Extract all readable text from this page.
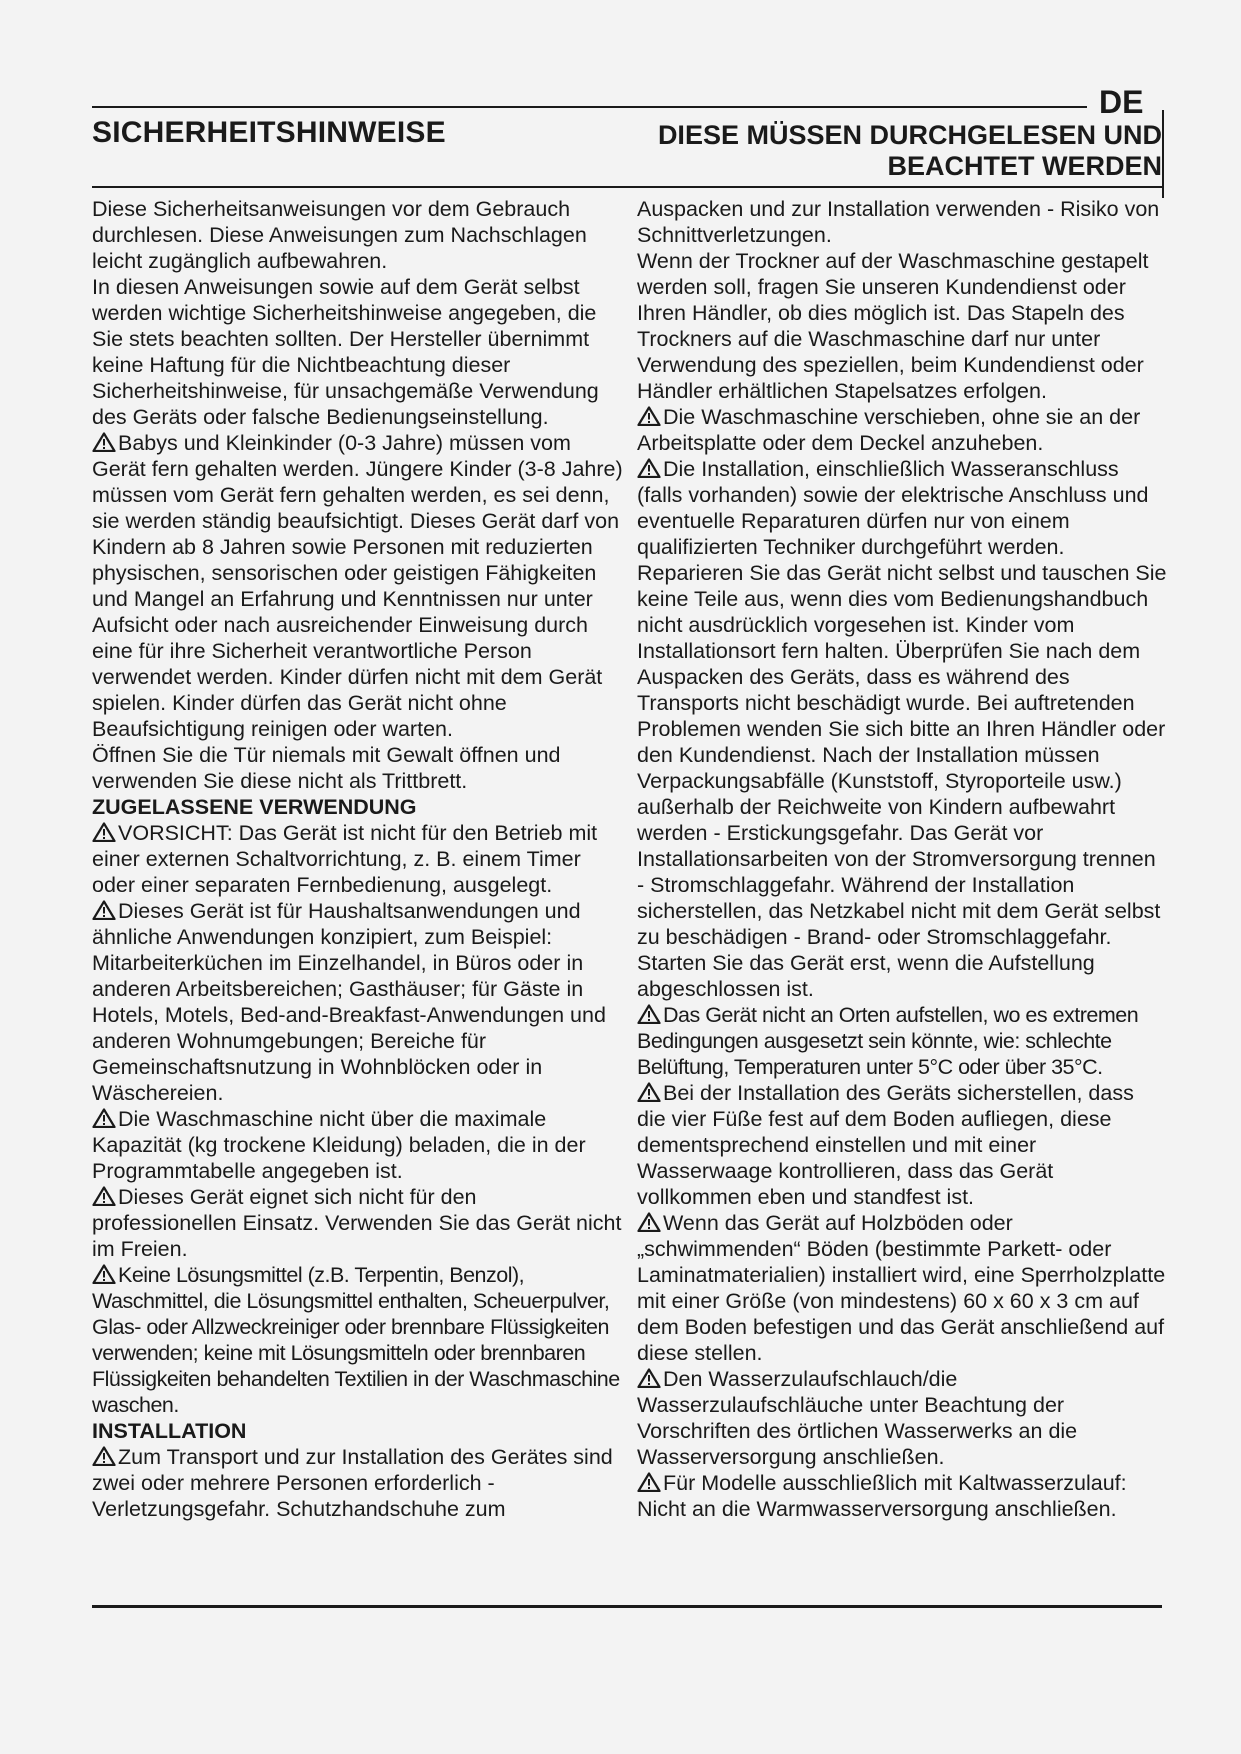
DE
SICHERHEITSHINWEISE	DIESE MÜSSEN DURCHGELESEN UND
BEACHTET WERDEN

Diese Sicherheitsanweisungen vor dem Gebrauch durchlesen. Diese Anweisungen zum Nachschlagen leicht zugänglich aufbewahren.

In diesen Anweisungen sowie auf dem Gerät selbst werden wichtige Sicherheitshinweise angegeben, die Sie stets beachten sollten. Der Hersteller übernimmt keine Haftung für die Nichtbeachtung dieser Sicherheitshinweise, für unsachgemäße Verwendung des Geräts oder falsche Bedienungseinstellung.

Babys und Kleinkinder (0-3 Jahre) müssen vom Gerät fern gehalten werden. Jüngere Kinder (3-8 Jahre) müssen vom Gerät fern gehalten werden, es sei denn, sie werden ständig beaufsichtigt. Dieses Gerät darf von Kindern ab 8 Jahren sowie Personen mit reduzierten physischen, sensorischen oder geistigen Fähigkeiten und Mangel an Erfahrung und Kenntnissen nur unter Aufsicht oder nach ausreichender Einweisung durch eine für ihre Sicherheit verantwortliche Person verwendet werden. Kinder dürfen nicht mit dem Gerät spielen. Kinder dürfen das Gerät nicht ohne Beaufsichtigung reinigen oder warten.

Öffnen Sie die Tür niemals mit Gewalt öffnen und verwenden Sie diese nicht als Trittbrett.

ZUGELASSENE VERWENDUNG

VORSICHT: Das Gerät ist nicht für den Betrieb mit einer externen Schaltvorrichtung, z. B. einem Timer oder einer separaten Fernbedienung, ausgelegt.

Dieses Gerät ist für Haushaltsanwendungen und ähnliche Anwendungen konzipiert, zum Beispiel: Mitarbeiterküchen im Einzelhandel, in Büros oder in anderen Arbeitsbereichen; Gasthäuser; für Gäste in Hotels, Motels, Bed-and-Breakfast-Anwendungen und anderen Wohnumgebungen; Bereiche für Gemeinschaftsnutzung in Wohnblöcken oder in Wäschereien.

Die Waschmaschine nicht über die maximale Kapazität (kg trockene Kleidung) beladen, die in der Programmtabelle angegeben ist.

Dieses Gerät eignet sich nicht für den professionellen Einsatz. Verwenden Sie das Gerät nicht im Freien.

Keine Lösungsmittel (z.B. Terpentin, Benzol), Waschmittel, die Lösungsmittel enthalten, Scheuerpulver, Glas- oder Allzweckreiniger oder brennbare Flüssigkeiten verwenden; keine mit Lösungsmitteln oder brennbaren Flüssigkeiten behandelten Textilien in der Waschmaschine waschen.

INSTALLATION

Zum Transport und zur Installation des Gerätes sind zwei oder mehrere Personen erforderlich - Verletzungsgefahr. Schutzhandschuhe zum

Auspacken und zur Installation verwenden - Risiko von Schnittverletzungen.

Wenn der Trockner auf der Waschmaschine gestapelt werden soll, fragen Sie unseren Kundendienst oder Ihren Händler, ob dies möglich ist. Das Stapeln des Trockners auf die Waschmaschine darf nur unter Verwendung des speziellen, beim Kundendienst oder Händler erhältlichen Stapelsatzes erfolgen.

Die Waschmaschine verschieben, ohne sie an der Arbeitsplatte oder dem Deckel anzuheben.

Die Installation, einschließlich Wasseranschluss (falls vorhanden) sowie der elektrische Anschluss und eventuelle Reparaturen dürfen nur von einem qualifizierten Techniker durchgeführt werden. Reparieren Sie das Gerät nicht selbst und tauschen Sie keine Teile aus, wenn dies vom Bedienungshandbuch nicht ausdrücklich vorgesehen ist. Kinder vom Installationsort fern halten. Überprüfen Sie nach dem Auspacken des Geräts, dass es während des Transports nicht beschädigt wurde. Bei auftretenden Problemen wenden Sie sich bitte an Ihren Händler oder den Kundendienst. Nach der Installation müssen Verpackungsabfälle (Kunststoff, Styroporteile usw.) außerhalb der Reichweite von Kindern aufbewahrt werden - Erstickungsgefahr. Das Gerät vor Installationsarbeiten von der Stromversorgung trennen - Stromschlaggefahr. Während der Installation sicherstellen, das Netzkabel nicht mit dem Gerät selbst zu beschädigen - Brand- oder Stromschlaggefahr. Starten Sie das Gerät erst, wenn die Aufstellung abgeschlossen ist.

Das Gerät nicht an Orten aufstellen, wo es extremen Bedingungen ausgesetzt sein könnte, wie: schlechte Belüftung, Temperaturen unter 5°C oder über 35°C.

Bei der Installation des Geräts sicherstellen, dass die vier Füße fest auf dem Boden aufliegen, diese dementsprechend einstellen und mit einer Wasserwaage kontrollieren, dass das Gerät vollkommen eben und standfest ist.

Wenn das Gerät auf Holzböden oder „schwimmenden“ Böden (bestimmte Parkett- oder Laminatmaterialien) installiert wird, eine Sperrholzplatte mit einer Größe (von mindestens) 60 x 60 x 3 cm auf dem Boden befestigen und das Gerät anschließend auf diese stellen.

Den Wasserzulaufschlauch/die Wasserzulaufschläuche unter Beachtung der Vorschriften des örtlichen Wasserwerks an die Wasserversorgung anschließen.

Für Modelle ausschließlich mit Kaltwasserzulauf: Nicht an die Warmwasserversorgung anschließen.
